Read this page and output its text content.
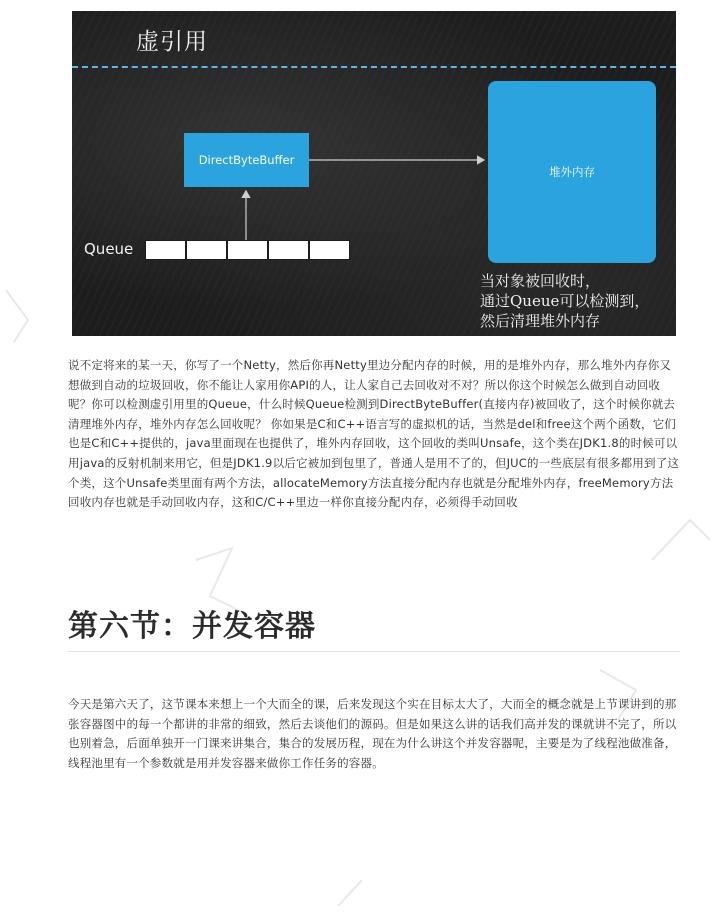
虚引用
DirectByteBuffer
堆外内存
Queue
当对象被回收时，
通过Queue可以检测到，
然后清理堆外内存

说不定将来的某一天，你写了一个Netty，然后你再Netty里边分配内存的时候，用的是堆外内存，那么堆外内存你又想做到自动的垃圾回收，你不能让人家用你API的人，让人家自己去回收对不对？所以你这个时候怎么做到自动回收呢？你可以检测虚引用里的Queue，什么时候Queue检测到DirectByteBuffer(直接内存)被回收了，这个时候你就去清理堆外内存，堆外内存怎么回收呢？ 你如果是C和C++语言写的虚拟机的话，当然是del和free这个两个函数，它们也是C和C++提供的，java里面现在也提供了，堆外内存回收，这个回收的类叫Unsafe，这个类在JDK1.8的时候可以用java的反射机制来用它，但是JDK1.9以后它被加到包里了，普通人是用不了的，但JUC的一些底层有很多都用到了这个类，这个Unsafe类里面有两个方法，allocateMemory方法直接分配内存也就是分配堆外内存，freeMemory方法回收内存也就是手动回收内存，这和C/C++里边一样你直接分配内存，必须得手动回收

第六节：并发容器

今天是第六天了，这节课本来想上一个大而全的课，后来发现这个实在目标太大了，大而全的概念就是上节课讲到的那张容器图中的每一个都讲的非常的细致，然后去谈他们的源码。但是如果这么讲的话我们高并发的课就讲不完了，所以也别着急，后面单独开一门课来讲集合，集合的发展历程，现在为什么讲这个并发容器呢，主要是为了线程池做准备，线程池里有一个参数就是用并发容器来做你工作任务的容器。
